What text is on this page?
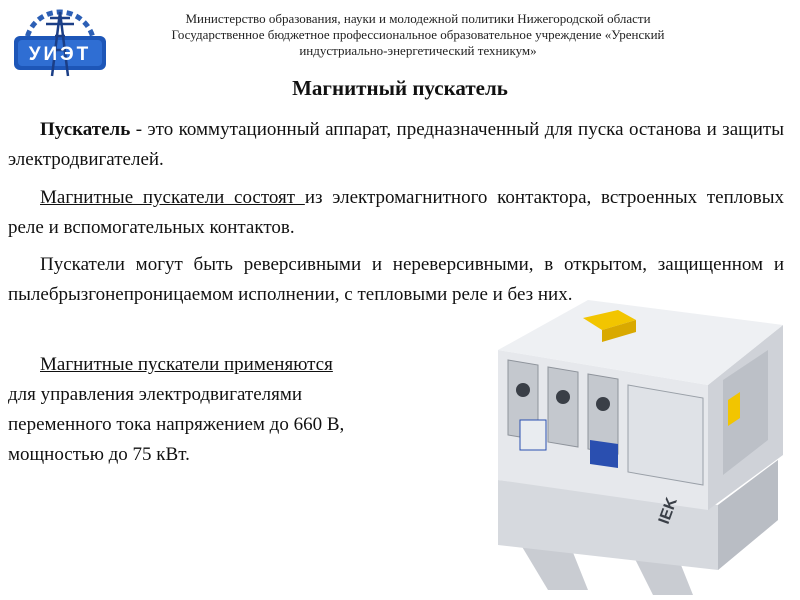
УИЭТ
Министерство образования, науки и молодежной политики Нижегородской области
Государственное бюджетное профессиональное образовательное учреждение «Уренский
индустриально-энергетический техникум»
Магнитный пускатель

Пускатель - это коммутационный аппарат, предназначенный для пуска останова и защиты электродвигателей.

Магнитные пускатели состоят из электромагнитного контактора, встроенных тепловых реле и вспомогательных контактов.

Пускатели могут быть реверсивными и нереверсивными, в открытом, защищенном и пылебрызгонепроницаемом исполнении, с тепловыми реле и без них.

Магнитные пускатели применяются
для управления электродвигателями
переменного тока напряжением до 660 В,
мощностью до 75 кВт.
IEK
